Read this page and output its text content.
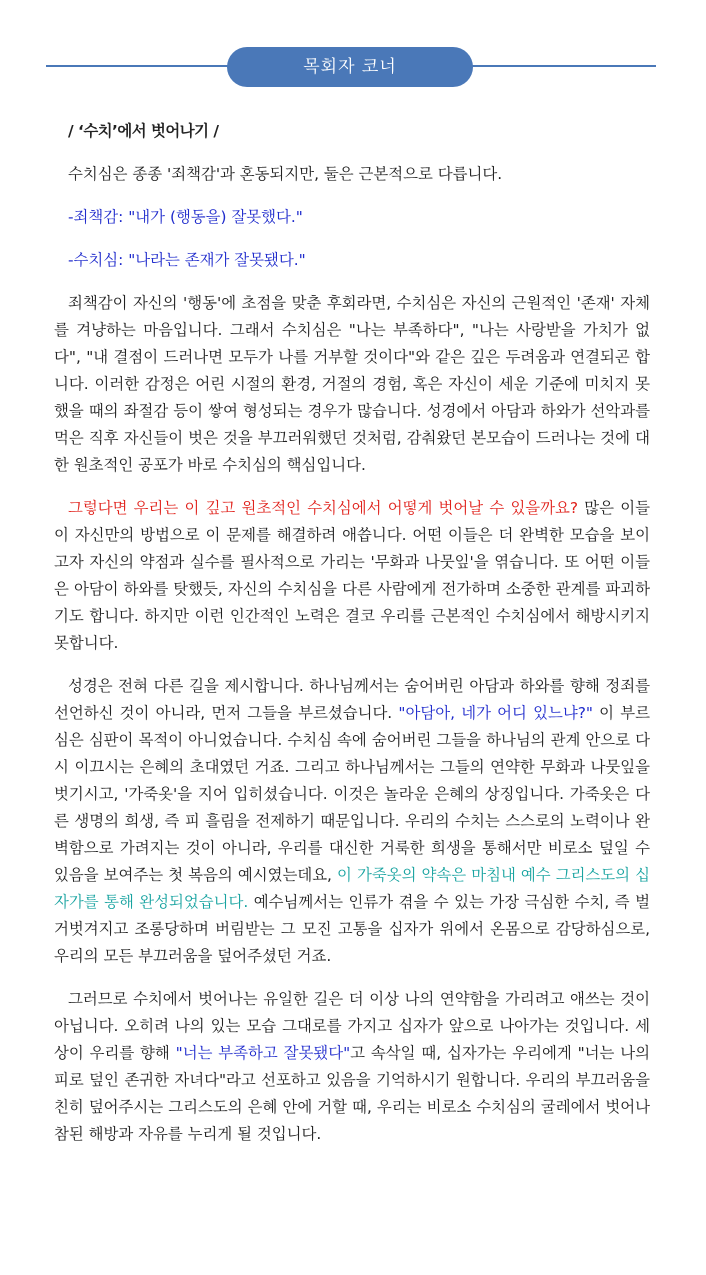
목회자 코너

/ ‘수치’에서 벗어나기 /

수치심은 종종 '죄책감'과 혼동되지만, 둘은 근본적으로 다릅니다.

-죄책감: "내가 (행동을) 잘못했다."

-수치심: "나라는 존재가 잘못됐다."

죄책감이 자신의 '행동'에 초점을 맞춘 후회라면, 수치심은 자신의 근원적인 '존재' 자체를 겨냥하는 마음입니다. 그래서 수치심은 "나는 부족하다", "나는 사랑받을 가치가 없다", "내 결점이 드러나면 모두가 나를 거부할 것이다"와 같은 깊은 두려움과 연결되곤 합니다. 이러한 감정은 어린 시절의 환경, 거절의 경험, 혹은 자신이 세운 기준에 미치지 못했을 때의 좌절감 등이 쌓여 형성되는 경우가 많습니다. 성경에서 아담과 하와가 선악과를 먹은 직후 자신들이 벗은 것을 부끄러워했던 것처럼, 감춰왔던 본모습이 드러나는 것에 대한 원초적인 공포가 바로 수치심의 핵심입니다.

그렇다면 우리는 이 깊고 원초적인 수치심에서 어떻게 벗어날 수 있을까요? 많은 이들이 자신만의 방법으로 이 문제를 해결하려 애씁니다. 어떤 이들은 더 완벽한 모습을 보이고자 자신의 약점과 실수를 필사적으로 가리는 '무화과 나뭇잎'을 엮습니다. 또 어떤 이들은 아담이 하와를 탓했듯, 자신의 수치심을 다른 사람에게 전가하며 소중한 관계를 파괴하기도 합니다. 하지만 이런 인간적인 노력은 결코 우리를 근본적인 수치심에서 해방시키지 못합니다.

성경은 전혀 다른 길을 제시합니다. 하나님께서는 숨어버린 아담과 하와를 향해 정죄를 선언하신 것이 아니라, 먼저 그들을 부르셨습니다. "아담아, 네가 어디 있느냐?" 이 부르심은 심판이 목적이 아니었습니다. 수치심 속에 숨어버린 그들을 하나님의 관계 안으로 다시 이끄시는 은혜의 초대였던 거죠. 그리고 하나님께서는 그들의 연약한 무화과 나뭇잎을 벗기시고, '가죽옷'을 지어 입히셨습니다. 이것은 놀라운 은혜의 상징입니다. 가죽옷은 다른 생명의 희생, 즉 피 흘림을 전제하기 때문입니다. 우리의 수치는 스스로의 노력이나 완벽함으로 가려지는 것이 아니라, 우리를 대신한 거룩한 희생을 통해서만 비로소 덮일 수 있음을 보여주는 첫 복음의 예시였는데요, 이 가죽옷의 약속은 마침내 예수 그리스도의 십자가를 통해 완성되었습니다. 예수님께서는 인류가 겪을 수 있는 가장 극심한 수치, 즉 벌거벗겨지고 조롱당하며 버림받는 그 모진 고통을 십자가 위에서 온몸으로 감당하심으로, 우리의 모든 부끄러움을 덮어주셨던 거죠.

그러므로 수치에서 벗어나는 유일한 길은 더 이상 나의 연약함을 가리려고 애쓰는 것이 아닙니다. 오히려 나의 있는 모습 그대로를 가지고 십자가 앞으로 나아가는 것입니다. 세상이 우리를 향해 "너는 부족하고 잘못됐다"고 속삭일 때, 십자가는 우리에게 "너는 나의 피로 덮인 존귀한 자녀다"라고 선포하고 있음을 기억하시기 원합니다. 우리의 부끄러움을 친히 덮어주시는 그리스도의 은혜 안에 거할 때, 우리는 비로소 수치심의 굴레에서 벗어나 참된 해방과 자유를 누리게 될 것입니다.
